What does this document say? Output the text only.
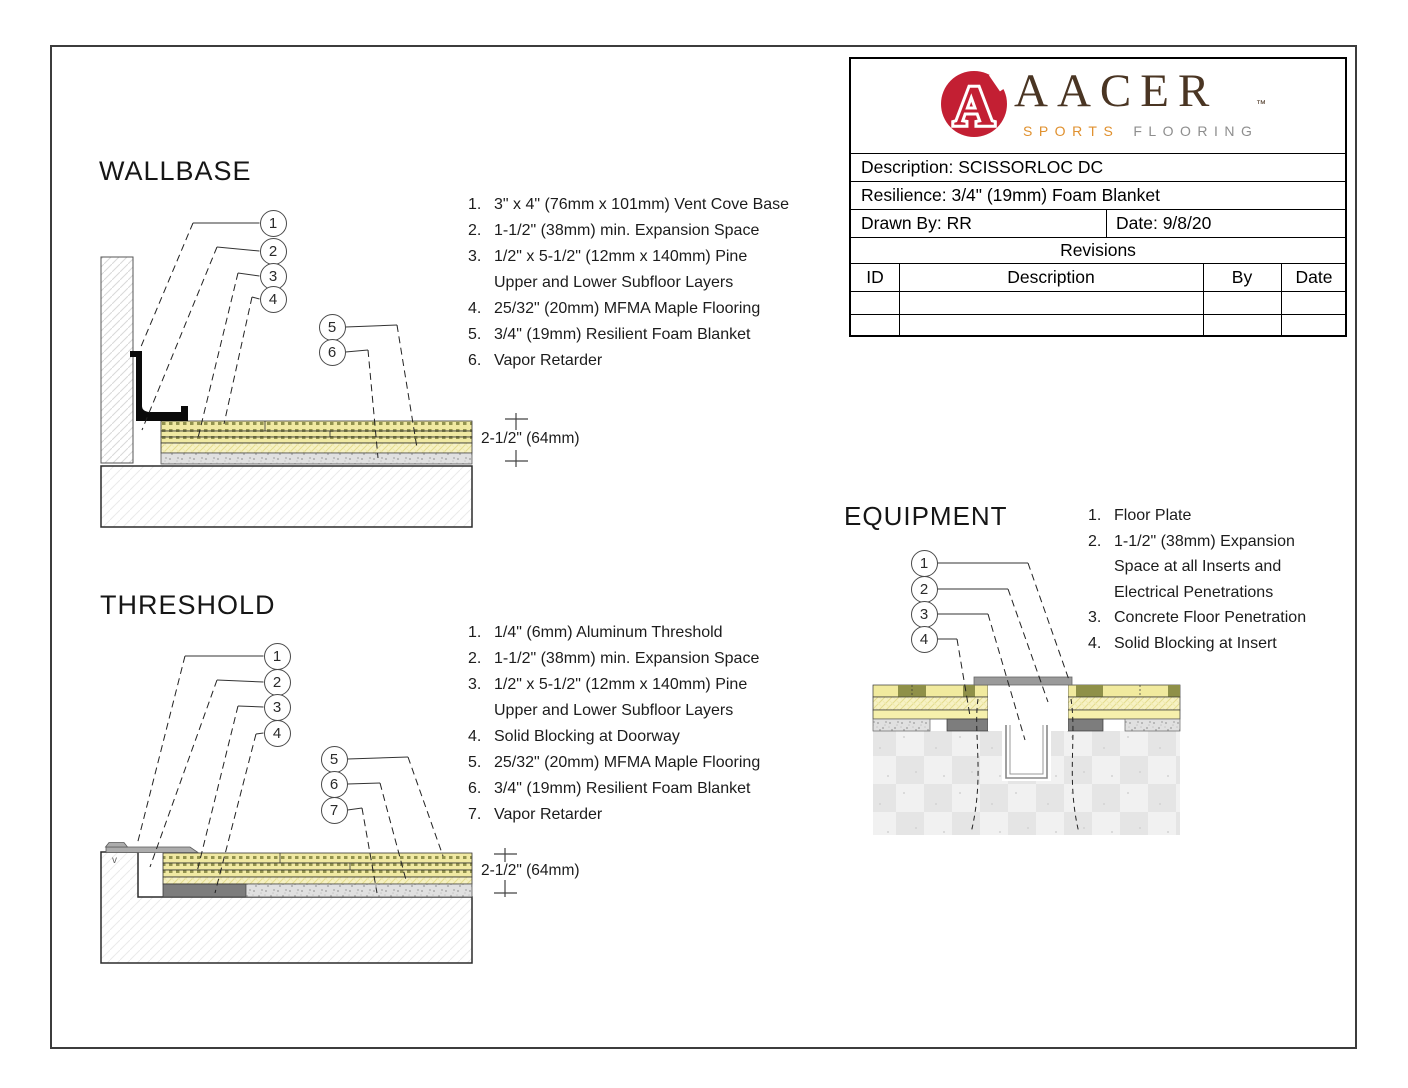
A
WALLBASE
1. 3" x 4" (76mm x 101mm) Vent Cove Base
2. 1-1/2" (38mm) min. Expansion Space
3. 1/2" x 5-1/2" (12mm x 140mm) Pine
Upper and Lower Subfloor Layers
4. 25/32" (20mm) MFMA Maple Flooring
5. 3/4" (19mm) Resilient Foam Blanket
6. Vapor Retarder
1
2
3
4
5
6
2-1/2" (64mm)
THRESHOLD
1. 1/4" (6mm) Aluminum Threshold
2. 1-1/2" (38mm) min. Expansion Space
3. 1/2" x 5-1/2" (12mm x 140mm) Pine
Upper and Lower Subfloor Layers
4. Solid Blocking at Doorway
5. 25/32" (20mm) MFMA Maple Flooring
6. 3/4" (19mm) Resilient Foam Blanket
7. Vapor Retarder
1
2
3
4
5
6
7
2-1/2" (64mm)
v
EQUIPMENT	1. Floor Plate
2. 1-1/2" (38mm) Expansion
Space at all Inserts and
Electrical Penetrations
3. Concrete Floor Penetration
4. Solid Blocking at Insert
1
2
3
4
AACER	™
SPORTS FLOORING
Description: SCISSORLOC DC
Resilience: 3/4" (19mm) Foam Blanket
Drawn By: RR	Date: 9/8/20
Revisions
ID	Description	By	Date
